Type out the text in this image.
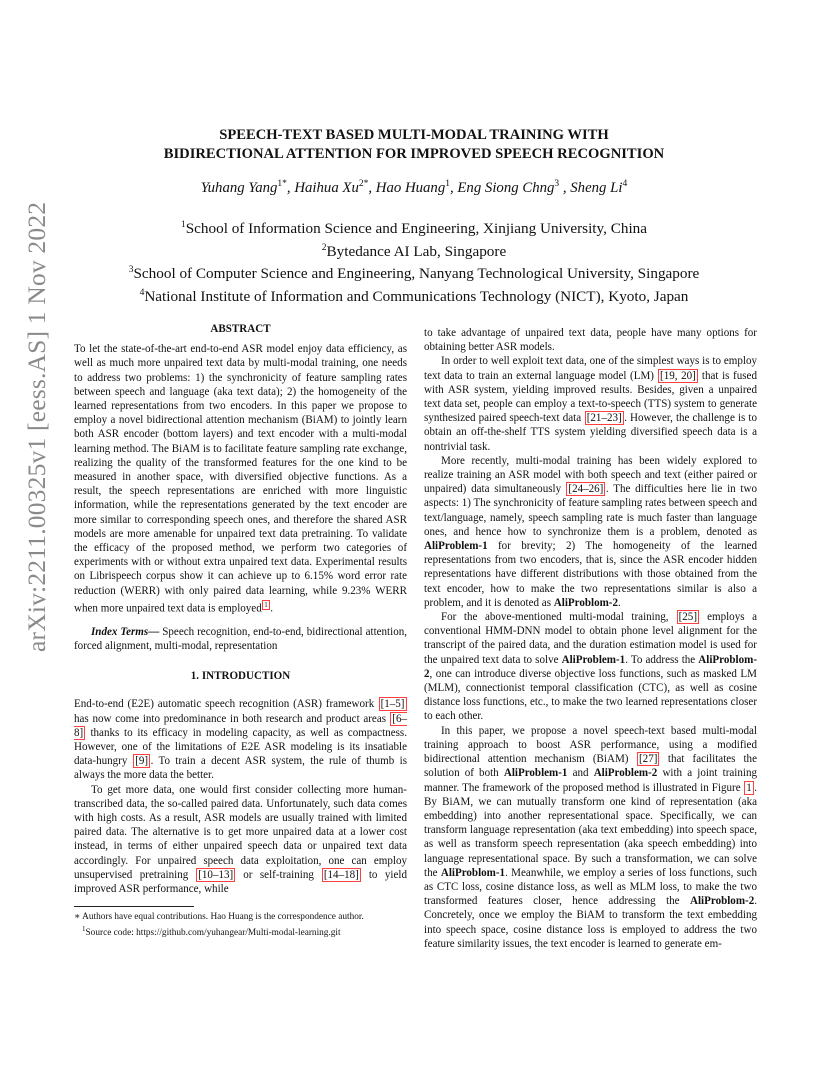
arXiv:2211.00325v1 [eess.AS] 1 Nov 2022
SPEECH-TEXT BASED MULTI-MODAL TRAINING WITH
BIDIRECTIONAL ATTENTION FOR IMPROVED SPEECH RECOGNITION
Yuhang Yang$^{1*}$, Haihua $Xu^{2*}$, Hao Huang$^1$, Eng Siong Chng$^3$ , Sheng Li$^4$
$^1$School of Information Science and Engineering, Xinjiang University, China
$^2$Bytedance AI Lab, Singapore
$^3$School of Computer Science and Engineering, Nanyang Technological University, Singapore
$^4$National Institute of Information and Communications Technology (NICT), Kyoto, Japan
ABSTRACT

To let the state-of-the-art end-to-end ASR model enjoy data efficiency, as well as much more unpaired text data by multi-modal training, one needs to address two problems: 1) the synchronicity of feature sampling rates between speech and language (aka text data); 2) the homogeneity of the learned representations from two encoders. In this paper we propose to employ a novel bidirectional attention mechanism (BiAM) to jointly learn both ASR encoder (bottom layers) and text encoder with a multi-modal learning method. The BiAM is to facilitate feature sampling rate exchange, realizing the quality of the transformed features for the one kind to be measured in another space, with diversified objective functions. As a result, the speech representations are enriched with more linguistic information, while the representations generated by the text encoder are more similar to corresponding speech ones, and therefore the shared ASR models are more amenable for unpaired text data pretraining. To validate the efficacy of the proposed method, we perform two categories of experiments with or without extra unpaired text data. Experimental results on Librispeech corpus show it can achieve up to 6.15% word error rate reduction (WERR) with only paired data learning, while 9.23% WERR when more unpaired text data is employed $^1$ .

Index Terms— Speech recognition, end-to-end, bidirectional attention, forced alignment, multi-modal, representation

1. INTRODUCTION

End-to-end (E2E) automatic speech recognition (ASR) framework [1–5] has now come into predominance in both research and product areas [6–8] thanks to its efficacy in modeling capacity, as well as compactness. However, one of the limitations of E2E ASR modeling is its insatiable data-hungry [9] . To train a decent ASR system, the rule of thumb is always the more data the better.

To get more data, one would first consider collecting more human-transcribed data, the so-called paired data. Unfortunately, such data comes with high costs. As a result, ASR models are usually trained with limited paired data. The alternative is to get more unpaired data at a lower cost instead, in terms of either unpaired speech data or unpaired text data accordingly. For unpaired speech data exploitation, one can employ unsupervised pretraining [10–13] or self-training [14–18] to yield improved ASR performance, while

∗ Authors have equal contributions. Hao Huang is the correspondence author.

$^1$Source code: https://github.com/yuhangear/Multi-modal-learning.git

to take advantage of unpaired text data, people have many options for obtaining better ASR models.

In order to well exploit text data, one of the simplest ways is to employ text data to train an external language model (LM) [19, 20] that is fused with ASR system, yielding improved results. Besides, given a unpaired text data set, people can employ a text-to-speech (TTS) system to generate synthesized paired speech-text data [21–23] . However, the challenge is to obtain an off-the-shelf TTS system yielding diversified speech data is a nontrivial task.

More recently, multi-modal training has been widely explored to realize training an ASR model with both speech and text (either paired or unpaired) data simultaneously [24–26] . The difficulties here lie in two aspects: 1) The synchronicity of feature sampling rates between speech and text/language, namely, speech sampling rate is much faster than language ones, and hence how to synchronize them is a problem, denoted as AliProblem-1 for brevity; 2) The homogeneity of the learned representations from two encoders, that is, since the ASR encoder hidden representations have different distributions with those obtained from the text encoder, how to make the two representations similar is also a problem, and it is denoted as AliProblom-2.

For the above-mentioned multi-modal training, [25] employs a conventional HMM-DNN model to obtain phone level alignment for the transcript of the paired data, and the duration estimation model is used for the unpaired text data to solve AliProblem-1. To address the AliProblom-2, one can introduce diverse objective loss functions, such as masked LM (MLM), connectionist temporal classification (CTC), as well as cosine distance loss functions, etc., to make the two learned representations closer to each other.

In this paper, we propose a novel speech-text based multi-modal training approach to boost ASR performance, using a modified bidirectional attention mechanism (BiAM) [27] that facilitates the solution of both AliProblem-1 and AliProblem-2 with a joint training manner. The framework of the proposed method is illustrated in Figure 1 . By BiAM, we can mutually transform one kind of representation (aka embedding) into another representational space. Specifically, we can transform language representation (aka text embedding) into speech space, as well as transform speech representation (aka speech embedding) into language representational space. By such a transformation, we can solve the AliProblom-1. Meanwhile, we employ a series of loss functions, such as CTC loss, cosine distance loss, as well as MLM loss, to make the two transformed features closer, hence addressing the AliProblom-2. Concretely, once we employ the BiAM to transform the text embedding into speech space, cosine distance loss is employed to address the two feature similarity issues, the text encoder is learned to generate em-
